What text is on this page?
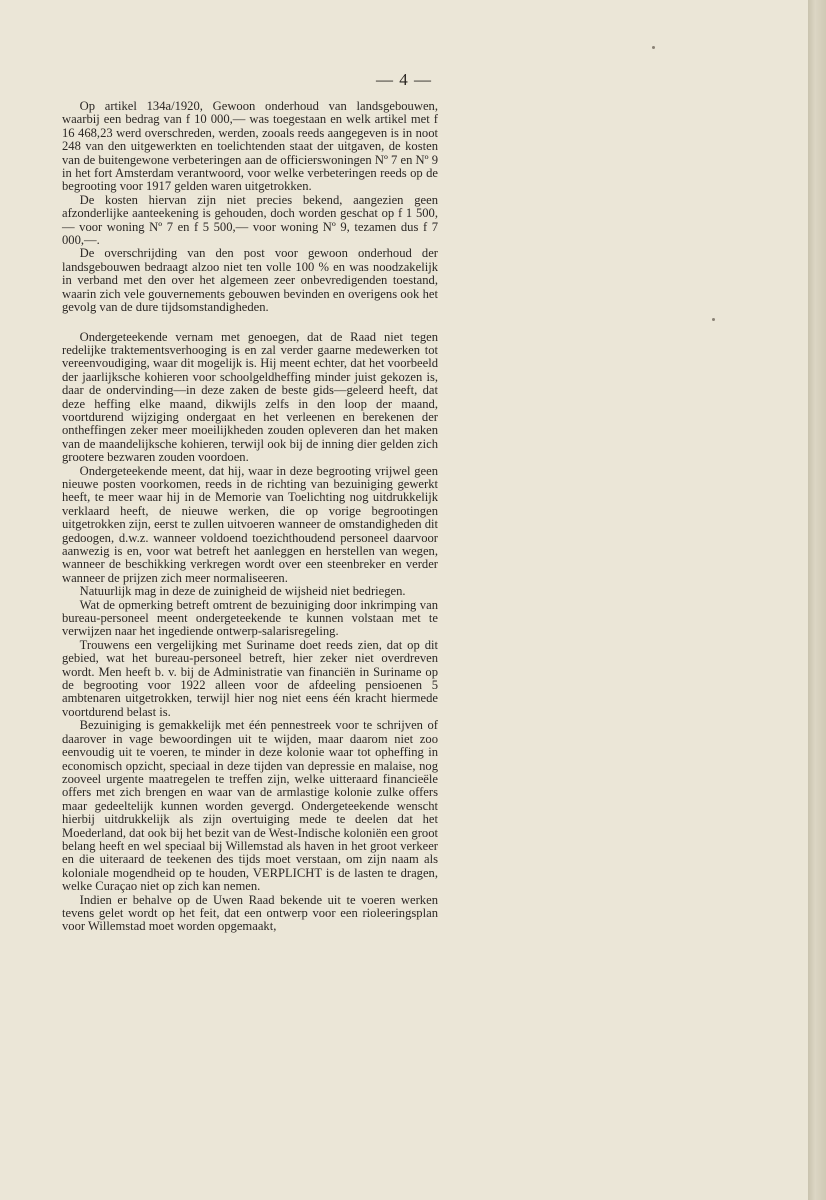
— 4 —

Op artikel 134a/1920, Gewoon onderhoud van landsgebouwen, waarbij een bedrag van f 10 000,— was toegestaan en welk artikel met f 16 468,23 werd overschreden, werden, zooals reeds aangegeven is in noot 248 van den uitgewerkten en toelichtenden staat der uitgaven, de kosten van de buitengewone verbeteringen aan de officierswoningen Nº 7 en Nº 9 in het fort Amsterdam verantwoord, voor welke verbeteringen reeds op de begrooting voor 1917 gelden waren uitgetrokken.

De kosten hiervan zijn niet precies bekend, aangezien geen afzonderlijke aanteekening is gehouden, doch worden geschat op f 1 500,— voor woning Nº 7 en f 5 500,— voor woning Nº 9, tezamen dus f 7 000,—.

De overschrijding van den post voor gewoon onderhoud der landsgebouwen bedraagt alzoo niet ten volle 100 % en was noodzakelijk in verband met den over het algemeen zeer onbevredigenden toestand, waarin zich vele gouvernements gebouwen bevinden en overigens ook het gevolg van de dure tijdsomstandigheden.

Ondergeteekende vernam met genoegen, dat de Raad niet tegen redelijke traktementsverhooging is en zal verder gaarne medewerken tot vereenvoudiging, waar dit mogelijk is. Hij meent echter, dat het voorbeeld der jaarlijksche kohieren voor schoolgeldheffing minder juist gekozen is, daar de ondervinding—in deze zaken de beste gids—geleerd heeft, dat deze heffing elke maand, dikwijls zelfs in den loop der maand, voortdurend wijziging ondergaat en het verleenen en berekenen der ontheffingen zeker meer moeilijkheden zouden opleveren dan het maken van de maandelijksche kohieren, terwijl ook bij de inning dier gelden zich grootere bezwaren zouden voordoen.

Ondergeteekende meent, dat hij, waar in deze begrooting vrijwel geen nieuwe posten voorkomen, reeds in de richting van bezuiniging gewerkt heeft, te meer waar hij in de Memorie van Toelichting nog uitdrukkelijk verklaard heeft, de nieuwe werken, die op vorige begrootingen uitgetrokken zijn, eerst te zullen uitvoeren wanneer de omstandigheden dit gedoogen, d.w.z. wanneer voldoend toezichthoudend personeel daarvoor aanwezig is en, voor wat betreft het aanleggen en herstellen van wegen, wanneer de beschikking verkregen wordt over een steenbreker en verder wanneer de prijzen zich meer normaliseeren.

Natuurlijk mag in deze de zuinigheid de wijsheid niet bedriegen.

Wat de opmerking betreft omtrent de bezuiniging door inkrimping van bureau-personeel meent ondergeteekende te kunnen volstaan met te verwijzen naar het ingediende ontwerp-salarisregeling.

Trouwens een vergelijking met Suriname doet reeds zien, dat op dit gebied, wat het bureau-personeel betreft, hier zeker niet overdreven wordt. Men heeft b. v. bij de Administratie van financiën in Suriname op de begrooting voor 1922 alleen voor de afdeeling pensioenen 5 ambtenaren uitgetrokken, terwijl hier nog niet eens één kracht hiermede voortdurend belast is.

Bezuiniging is gemakkelijk met één pennestreek voor te schrijven of daarover in vage bewoordingen uit te wijden, maar daarom niet zoo eenvoudig uit te voeren, te minder in deze kolonie waar tot opheffing in economisch opzicht, speciaal in deze tijden van depressie en malaise, nog zooveel urgente maatregelen te treffen zijn, welke uitteraard financieële offers met zich brengen en waar van de armlastige kolonie zulke offers maar gedeeltelijk kunnen worden gevergd. Ondergeteekende wenscht hierbij uitdrukkelijk als zijn overtuiging mede te deelen dat het Moederland, dat ook bij het bezit van de West-Indische koloniën een groot belang heeft en wel speciaal bij Willemstad als haven in het groot verkeer en die uiteraard de teekenen des tijds moet verstaan, om zijn naam als koloniale mogendheid op te houden, VERPLICHT is de lasten te dragen, welke Curaçao niet op zich kan nemen.

Indien er behalve op de Uwen Raad bekende uit te voeren werken tevens gelet wordt op het feit, dat een ontwerp voor een rioleeringsplan voor Willemstad moet worden opgemaakt,
